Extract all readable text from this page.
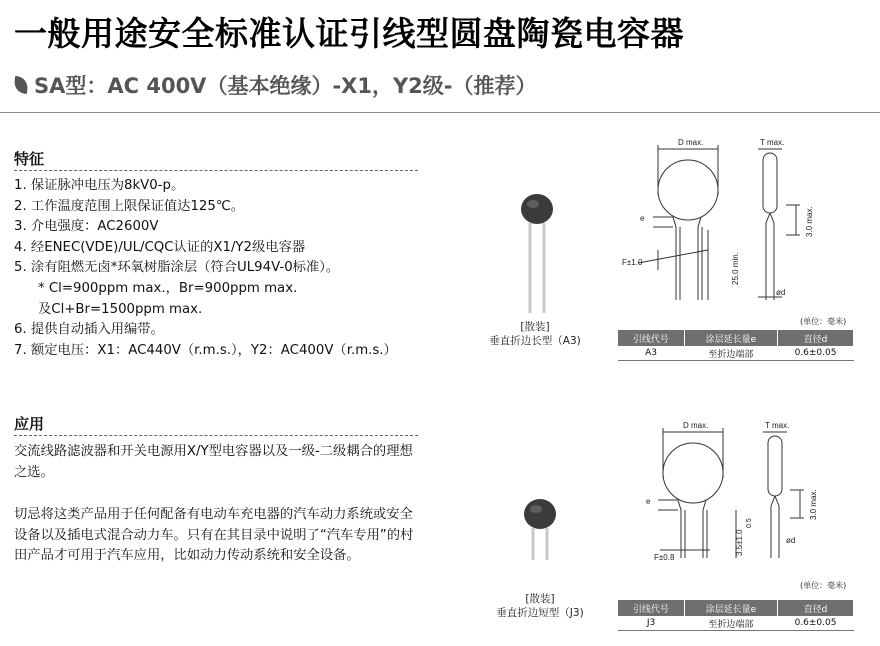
一般用途安全标准认证引线型圆盘陶瓷电容器
SA型：AC 400V（基本绝缘）-X1，Y2级-（推荐）
特征
1. 保证脉冲电压为8kV0-p。
2. 工作温度范围上限保证值达125℃。
3. 介电强度：AC2600V
4. 经ENEC(VDE)/UL/CQC认证的X1/Y2级电容器
5. 涂有阻燃无卤*环氧树脂涂层（符合UL94V-0标准）。
* Cl=900ppm max.，Br=900ppm max.
及Cl+Br=1500ppm max.
6. 提供自动插入用编带。
7. 额定电压：X1：AC440V（r.m.s.），Y2：AC400V（r.m.s.）
应用

交流线路滤波器和开关电源用X/Y型电容器以及一级-二级耦合的理想之选。

切忌将这类产品用于任何配备有电动车充电器的汽车动力系统或安全设备以及插电式混合动力车。只有在其目录中说明了“汽车专用”的村田产品才可用于汽车应用，比如动力传动系统和安全设备。

[散装]
垂直折边长型（A3)
D max.	T max.
e
F±1.0	25.0 min.
3.0 max.
ød
(单位：毫米)
引线代号	涂层延长量e	直径d
A3	至折边端部	0.6±0.05
[散装]
垂直折边短型（J3)
D max.	T max.
e
F±0.8
3.5±1.0
0.5
3.0 max.
ød
(单位：毫米)
引线代号	涂层延长量e	直径d
J3	至折边端部	0.6±0.05
